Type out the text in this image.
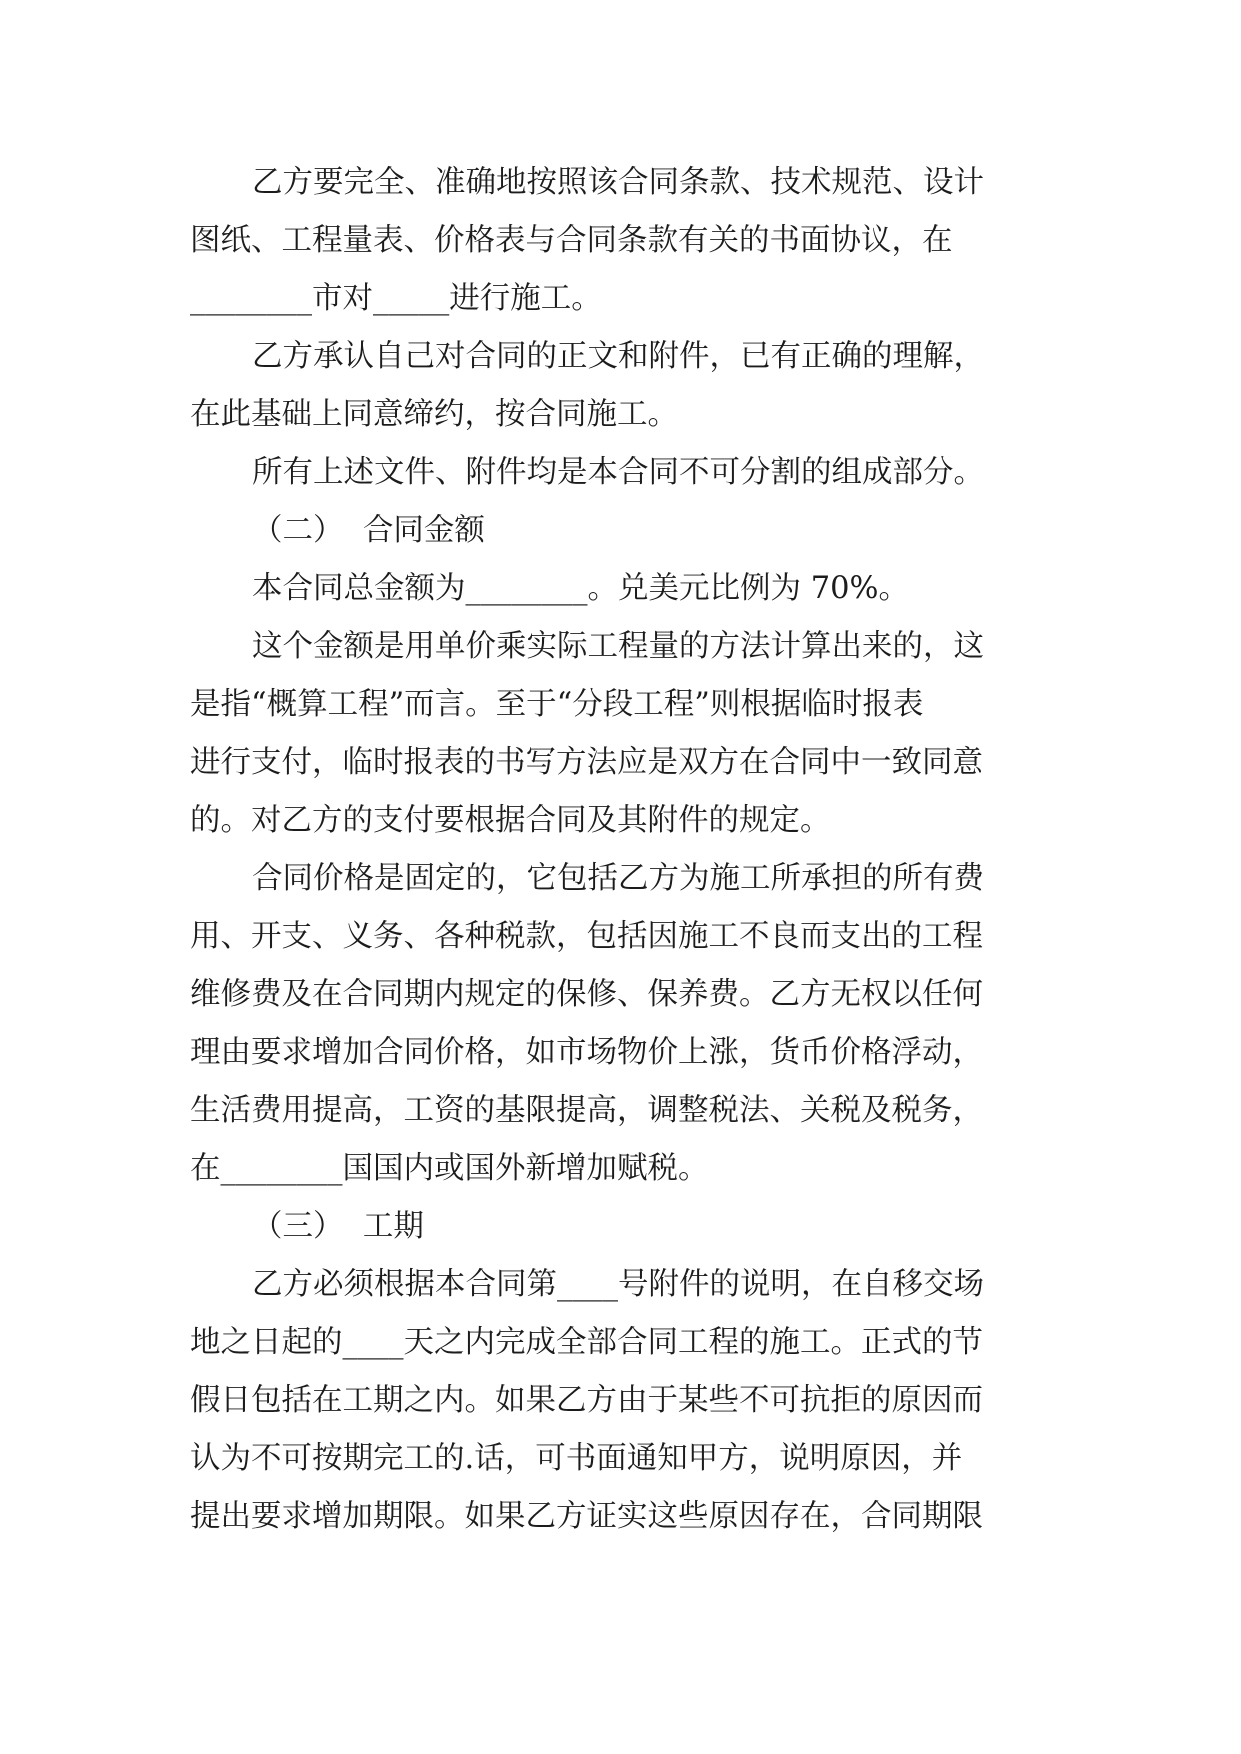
乙方要完全、准确地按照该合同条款、技术规范、设计
图纸、工程量表、价格表与合同条款有关的书面协议，在
________市对_____进行施工。
乙方承认自己对合同的正文和附件，已有正确的理解，
在此基础上同意缔约，按合同施工。
所有上述文件、附件均是本合同不可分割的组成部分。
（二）  合同金额
本合同总金额为________。兑美元比例为 70%。
这个金额是用单价乘实际工程量的方法计算出来的，这
是指“概算工程”而言。至于“分段工程”则根据临时报表
进行支付，临时报表的书写方法应是双方在合同中一致同意
的。对乙方的支付要根据合同及其附件的规定。
合同价格是固定的，它包括乙方为施工所承担的所有费
用、开支、义务、各种税款，包括因施工不良而支出的工程
维修费及在合同期内规定的保修、保养费。乙方无权以任何
理由要求增加合同价格，如市场物价上涨，货币价格浮动，
生活费用提高，工资的基限提高，调整税法、关税及税务，
在________国国内或国外新增加赋税。
（三）  工期
乙方必须根据本合同第____号附件的说明，在自移交场
地之日起的____天之内完成全部合同工程的施工。正式的节
假日包括在工期之内。如果乙方由于某些不可抗拒的原因而
认为不可按期完工的.话，可书面通知甲方，说明原因，并
提出要求增加期限。如果乙方证实这些原因存在，合同期限
